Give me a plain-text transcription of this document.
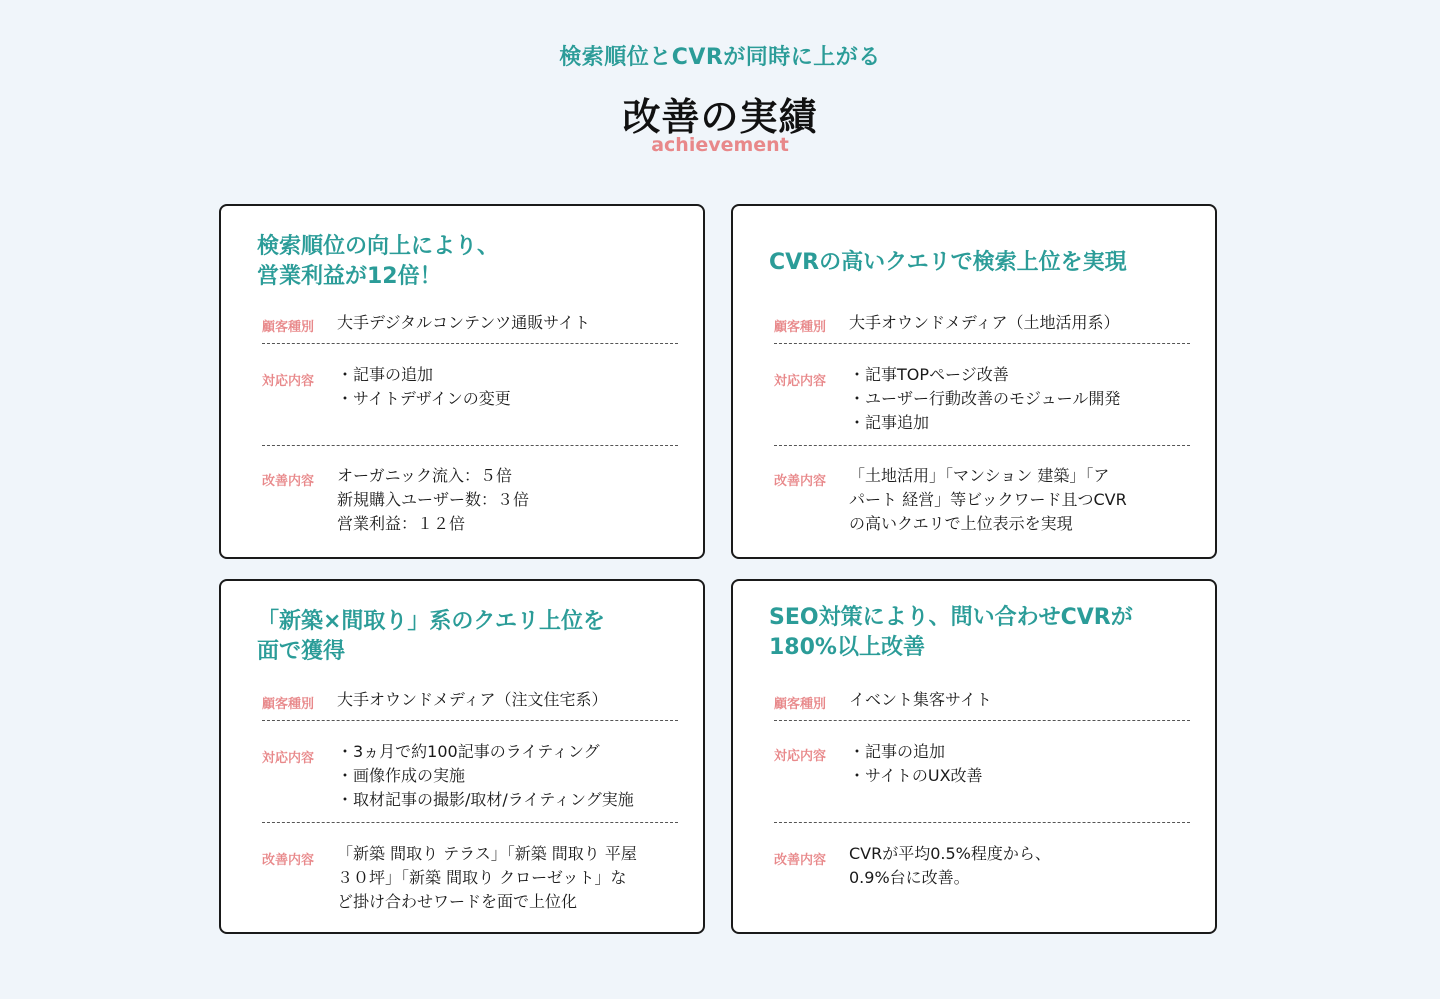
検索順位とCVRが同時に上がる
改善の実績
achievement
検索順位の向上により、
営業利益が12倍！
顧客種別 大手デジタルコンテンツ通販サイト
対応内容 ・記事の追加
・サイトデザインの変更
改善内容 オーガニック流入：５倍
新規購入ユーザー数：３倍
営業利益：１２倍
CVRの高いクエリで検索上位を実現
顧客種別 大手オウンドメディア（土地活用系）
対応内容 ・記事TOPページ改善
・ユーザー行動改善のモジュール開発
・記事追加
改善内容 「土地活用」「マンション 建築」「ア
パート 経営」等ビックワード且つCVR
の高いクエリで上位表示を実現
「新築×間取り」系のクエリ上位を
面で獲得
顧客種別 大手オウンドメディア（注文住宅系）
対応内容 ・3ヵ月で約100記事のライティング
・画像作成の実施
・取材記事の撮影/取材/ライティング実施
改善内容 「新築 間取り テラス」「新築 間取り 平屋
３０坪」「新築 間取り クローゼット」な
ど掛け合わせワードを面で上位化
SEO対策により、問い合わせCVRが
180%以上改善
顧客種別 イベント集客サイト
対応内容 ・記事の追加
・サイトのUX改善
改善内容 CVRが平均0.5%程度から、
0.9%台に改善。
